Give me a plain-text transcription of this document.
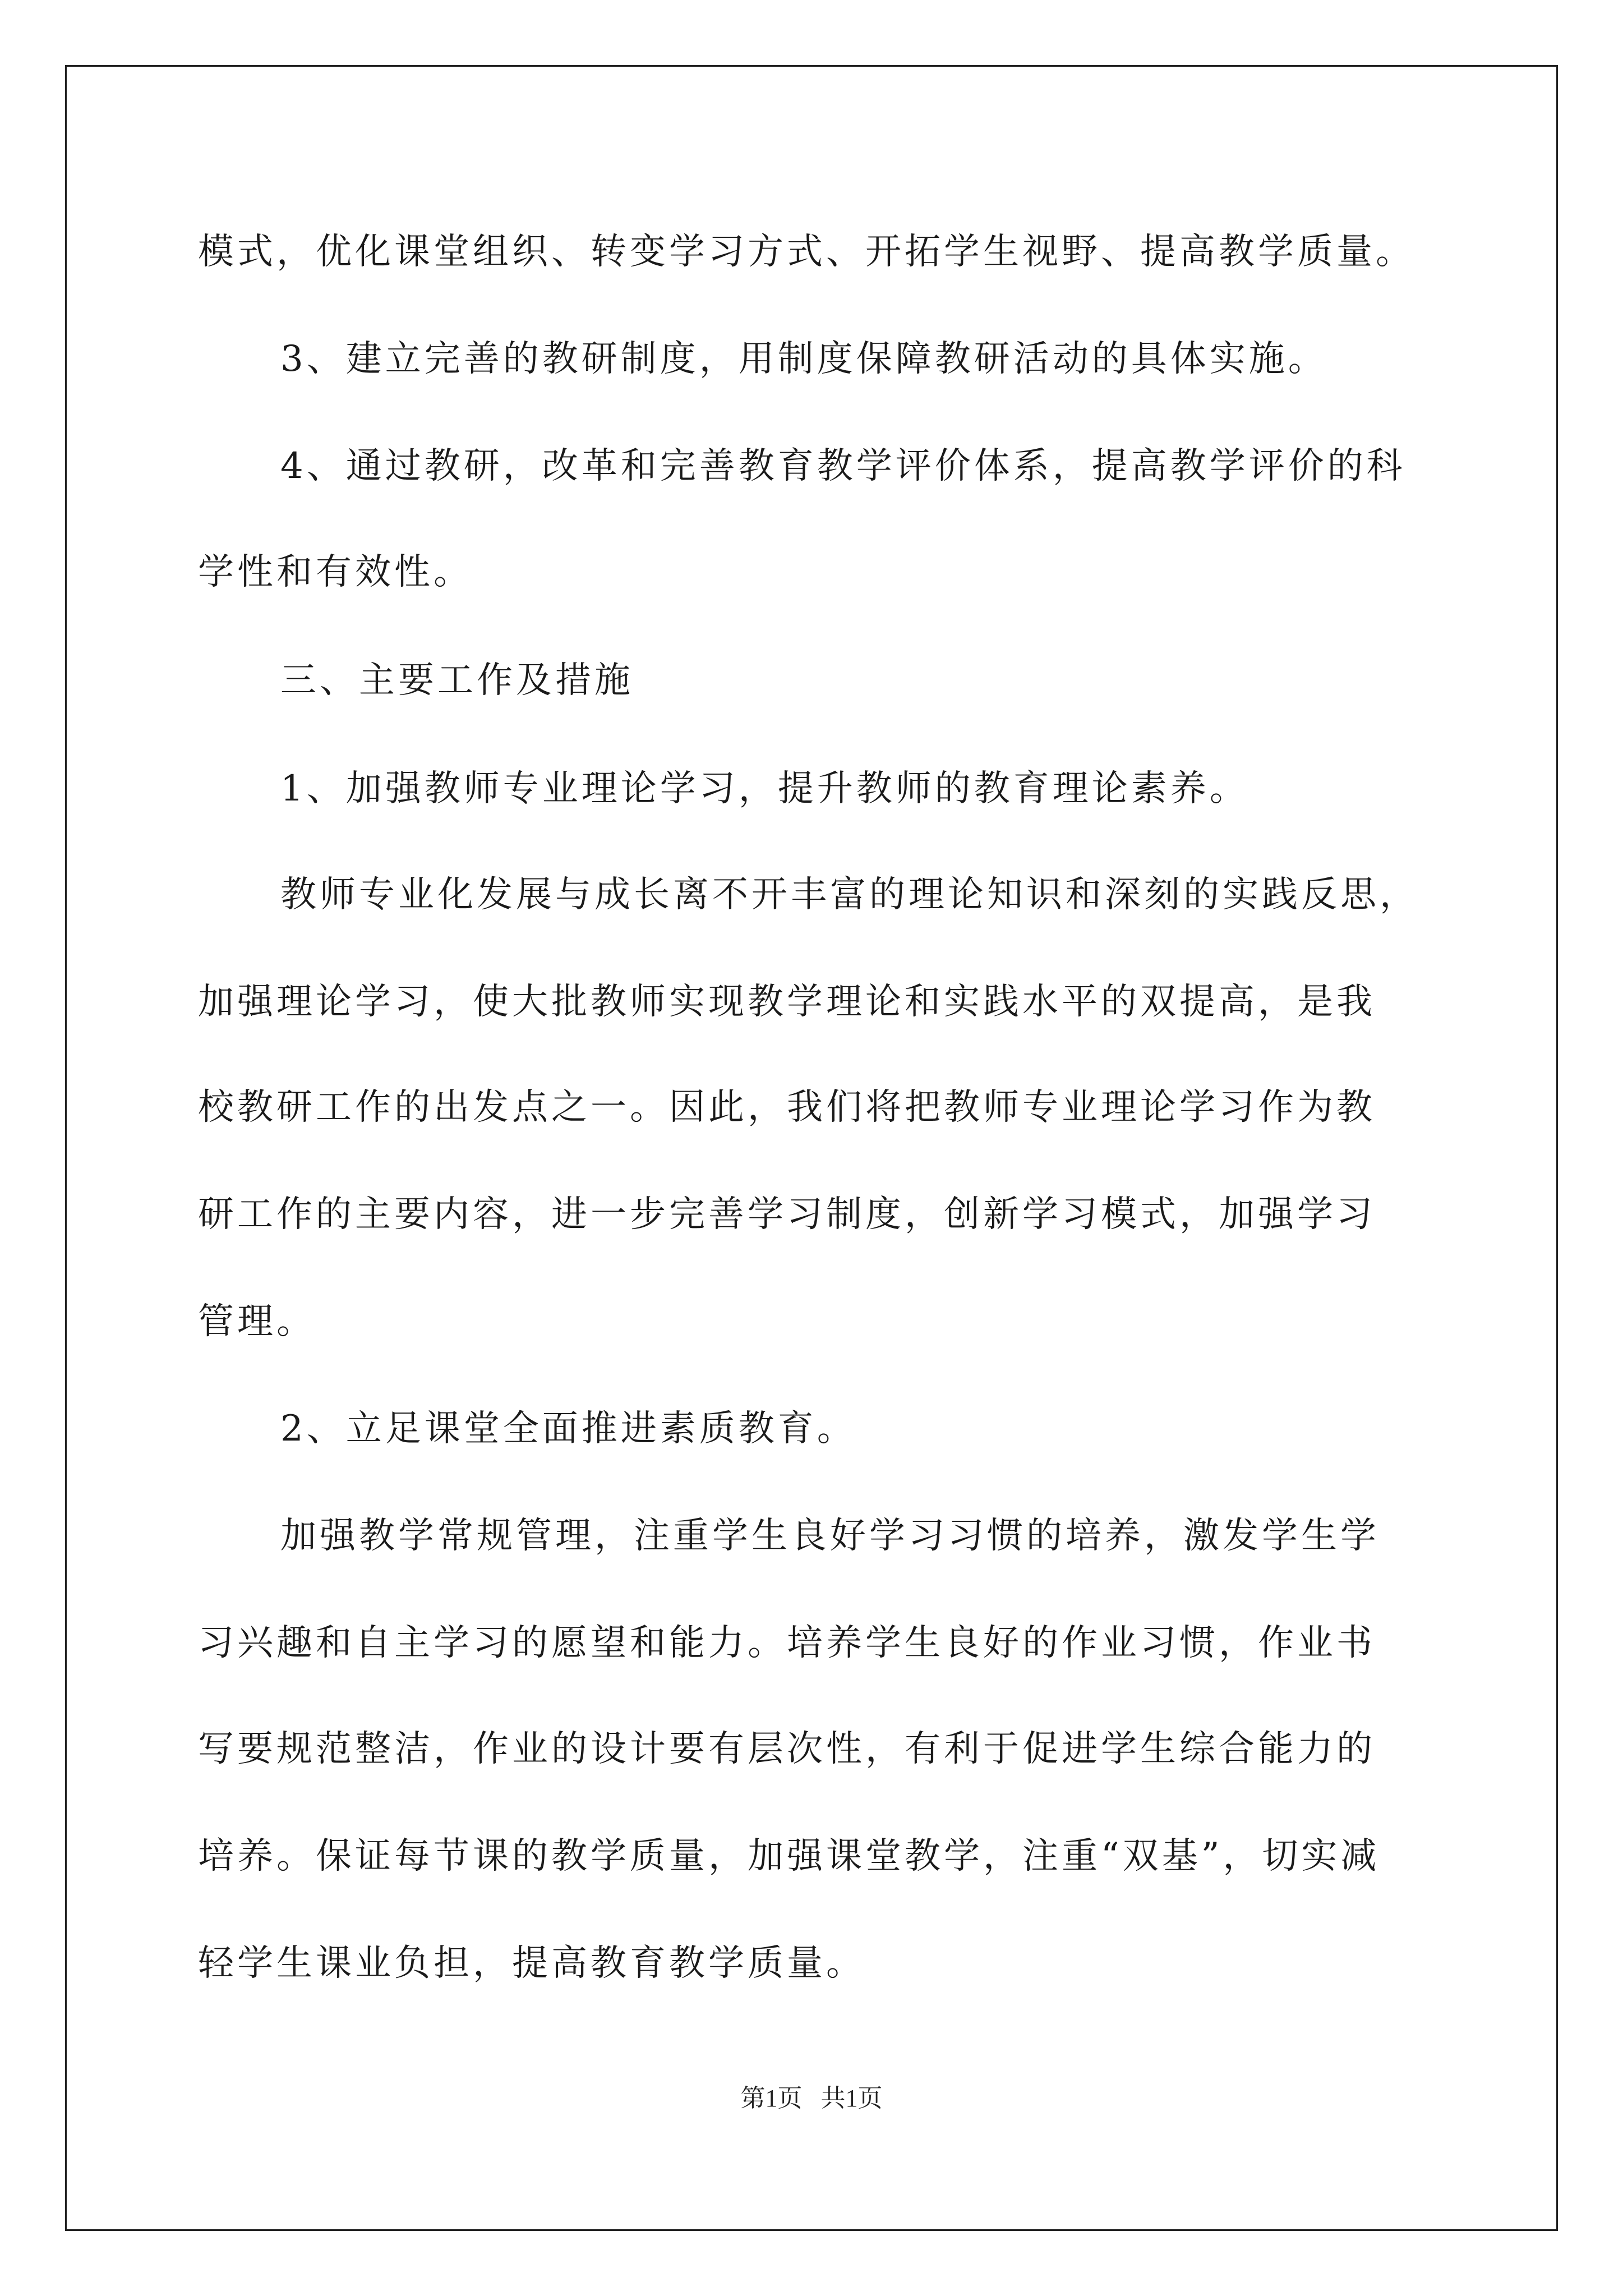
模式，优化课堂组织、转变学习方式、开拓学生视野、提高教学质量。
3、建立完善的教研制度，用制度保障教研活动的具体实施。
4、通过教研，改革和完善教育教学评价体系，提高教学评价的科
学性和有效性。
三、主要工作及措施
1、加强教师专业理论学习，提升教师的教育理论素养。
教师专业化发展与成长离不开丰富的理论知识和深刻的实践反思，
加强理论学习，使大批教师实现教学理论和实践水平的双提高，是我
校教研工作的出发点之一。因此，我们将把教师专业理论学习作为教
研工作的主要内容，进一步完善学习制度，创新学习模式，加强学习
管理。
2、立足课堂全面推进素质教育。
加强教学常规管理，注重学生良好学习习惯的培养，激发学生学
习兴趣和自主学习的愿望和能力。培养学生良好的作业习惯，作业书
写要规范整洁，作业的设计要有层次性，有利于促进学生综合能力的
培养。保证每节课的教学质量，加强课堂教学，注重“双基”，切实减
轻学生课业负担，提高教育教学质量。
第1页   共1页
